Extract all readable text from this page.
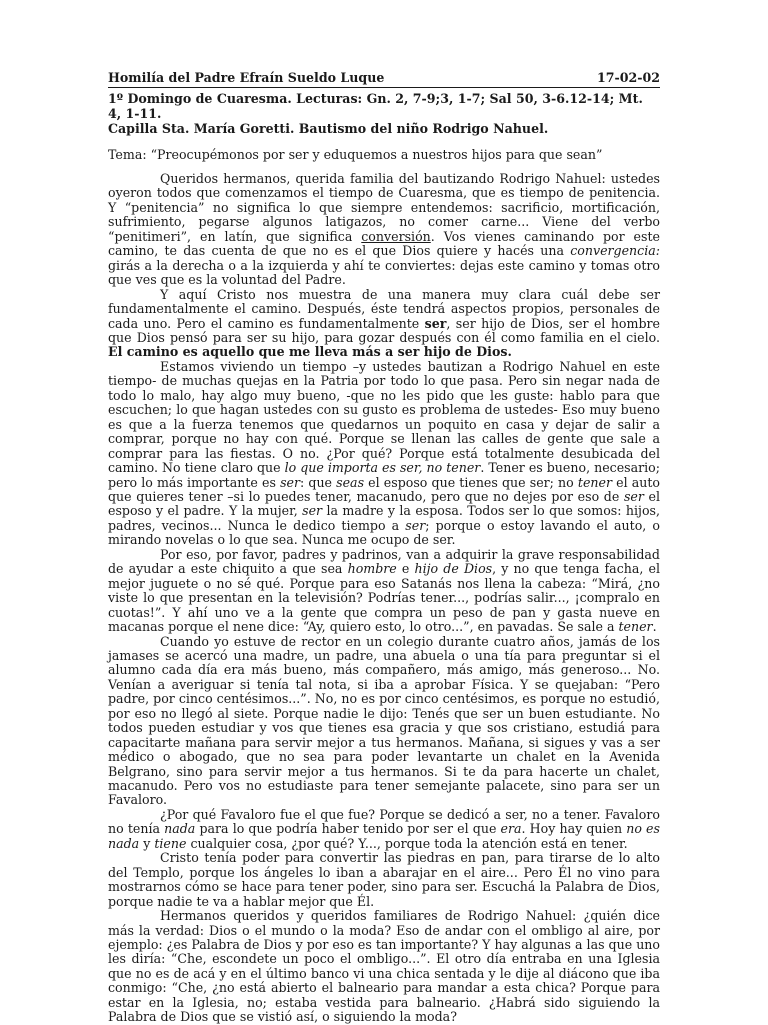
Homilía del Padre Efraín Sueldo Luque	17-02-02
1º Domingo de Cuaresma. Lecturas: Gn. 2, 7-9;3, 1-7; Sal 50, 3-6.12-14; Mt. 4, 1-11.
Capilla Sta. María Goretti. Bautismo del niño Rodrigo Nahuel.
Tema: “Preocupémonos por ser y eduquemos a nuestros hijos para que sean”

Queridos hermanos, querida familia del bautizando Rodrigo Nahuel: ustedes oyeron todos que comenzamos el tiempo de Cuaresma, que es tiempo de penitencia. Y “penitencia” no significa lo que siempre entendemos: sacrificio, mortificación, sufrimiento, pegarse algunos latigazos, no comer carne... Viene del verbo “penitimeri”, en latín, que significa conversión. Vos vienes caminando por este camino, te das cuenta de que no es el que Dios quiere y hacés una convergencia: girás a la derecha o a la izquierda y ahí te conviertes: dejas este camino y tomas otro que ves que es la voluntad del Padre.

Y aquí Cristo nos muestra de una manera muy clara cuál debe ser fundamentalmente el camino. Después, éste tendrá aspectos propios, personales de cada uno. Pero el camino es fundamentalmente ser, ser hijo de Dios, ser el hombre que Dios pensó para ser su hijo, para gozar después con él como familia en el cielo. El camino es aquello que me lleva más a ser hijo de Dios.

Estamos viviendo un tiempo –y ustedes bautizan a Rodrigo Nahuel en este tiempo- de muchas quejas en la Patria por todo lo que pasa. Pero sin negar nada de todo lo malo, hay algo muy bueno, -que no les pido que les guste: hablo para que escuchen; lo que hagan ustedes con su gusto es problema de ustedes- Eso muy bueno es que a la fuerza tenemos que quedarnos un poquito en casa y dejar de salir a comprar, porque no hay con qué. Porque se llenan las calles de gente que sale a comprar para las fiestas. O no. ¿Por qué? Porque está totalmente desubicada del camino. No tiene claro que lo que importa es ser, no tener. Tener es bueno, necesario; pero lo más importante es ser: que seas el esposo que tienes que ser; no tener el auto que quieres tener –si lo puedes tener, macanudo, pero que no dejes por eso de ser el esposo y el padre. Y la mujer, ser la madre y la esposa. Todos ser lo que somos: hijos, padres, vecinos... Nunca le dedico tiempo a ser; porque o estoy lavando el auto, o mirando novelas o lo que sea. Nunca me ocupo de ser.

Por eso, por favor, padres y padrinos, van a adquirir la grave responsabilidad de ayudar a este chiquito a que sea hombre e hijo de Dios, y no que tenga facha, el mejor juguete o no sé qué. Porque para eso Satanás nos llena la cabeza: “Mirá, ¿no viste lo que presentan en la televisión? Podrías tener..., podrías salir..., ¡compralo en cuotas!”. Y ahí uno ve a la gente que compra un peso de pan y gasta nueve en macanas porque el nene dice: “Ay, quiero esto, lo otro...”, en pavadas. Se sale a tener.

Cuando yo estuve de rector en un colegio durante cuatro años, jamás de los jamases se acercó una madre, un padre, una abuela o una tía para preguntar si el alumno cada día era más bueno, más compañero, más amigo, más generoso... No. Venían a averiguar si tenía tal nota, si iba a aprobar Física. Y se quejaban: “Pero padre, por cinco centésimos...”. No, no es por cinco centésimos, es porque no estudió, por eso no llegó al siete. Porque nadie le dijo: Tenés que ser un buen estudiante. No todos pueden estudiar y vos que tienes esa gracia y que sos cristiano, estudiá para capacitarte mañana para servir mejor a tus hermanos. Mañana, si sigues y vas a ser médico o abogado, que no sea para poder levantarte un chalet en la Avenida Belgrano, sino para servir mejor a tus hermanos. Si te da para hacerte un chalet, macanudo. Pero vos no estudiaste para tener semejante palacete, sino para ser un Favaloro.

¿Por qué Favaloro fue el que fue? Porque se dedicó a ser, no a tener. Favaloro no tenía nada para lo que podría haber tenido por ser el que era. Hoy hay quien no es nada y tiene cualquier cosa, ¿por qué? Y..., porque toda la atención está en tener.

Cristo tenía poder para convertir las piedras en pan, para tirarse de lo alto del Templo, porque los ángeles lo iban a abarajar en el aire... Pero Él no vino para mostrarnos cómo se hace para tener poder, sino para ser. Escuchá la Palabra de Dios, porque nadie te va a hablar mejor que Él.

Hermanos queridos y queridos familiares de Rodrigo Nahuel: ¿quién dice más la verdad: Dios o el mundo o la moda? Eso de andar con el ombligo al aire, por ejemplo: ¿es Palabra de Dios y por eso es tan importante? Y hay algunas a las que uno les diría: “Che, escondete un poco el ombligo...”. El otro día entraba en una Iglesia que no es de acá y en el último banco vi una chica sentada y le dije al diácono que iba conmigo: “Che, ¿no está abierto el balneario para mandar a esta chica? Porque para estar en la Iglesia, no; estaba vestida para balneario. ¿Habrá sido siguiendo la Palabra de Dios que se vistió así, o siguiendo la moda?
